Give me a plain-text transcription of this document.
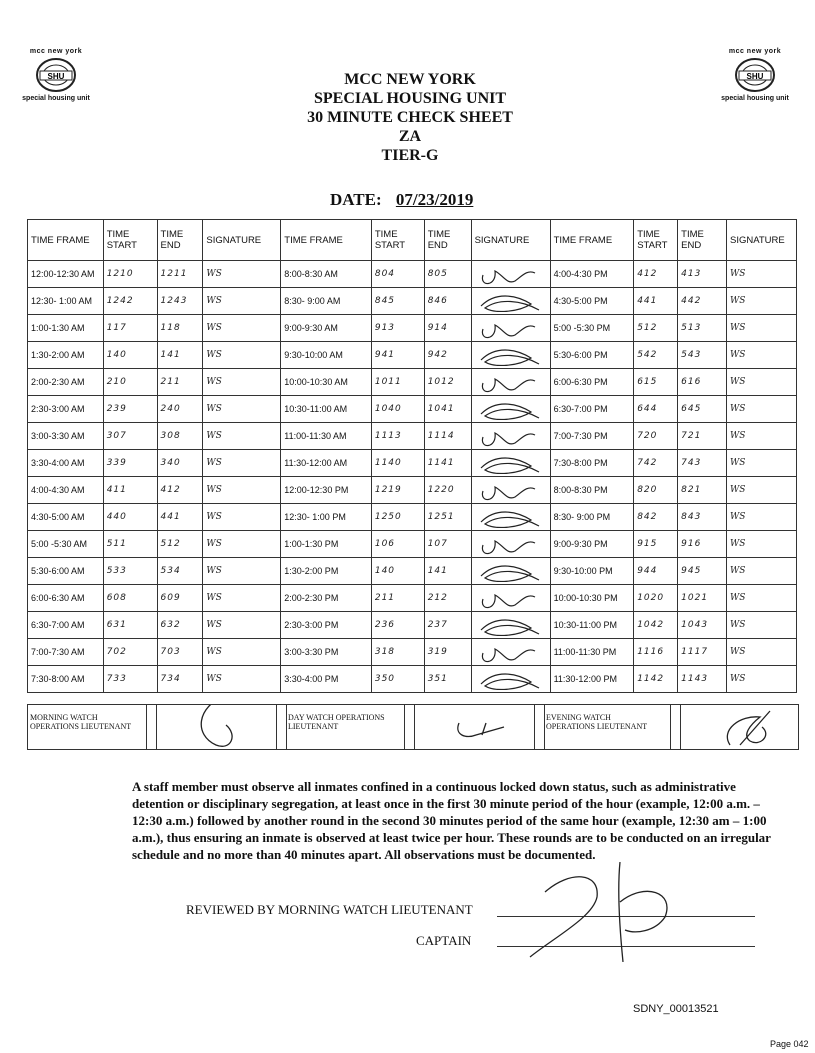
mcc new york
SHU
special housing unit
mcc new york
SHU
special housing unit
MCC NEW YORK
SPECIAL HOUSING UNIT
30 MINUTE CHECK SHEET
ZA
TIER-G
DATE: 07/23/2019
TIME FRAME	TIME START	TIME END	SIGNATURE	TIME FRAME	TIME START	TIME END	SIGNATURE	TIME FRAME	TIME START	TIME END	SIGNATURE
12:00-12:30 AM	1210	1211	WS	8:00-8:30 AM	804	805		4:00-4:30 PM	412	413	WS
12:30- 1:00 AM	1242	1243	WS	8:30- 9:00 AM	845	846		4:30-5:00 PM	441	442	WS
1:00-1:30 AM	117	118	WS	9:00-9:30 AM	913	914		5:00 -5:30 PM	512	513	WS
1:30-2:00 AM	140	141	WS	9:30-10:00 AM	941	942		5:30-6:00 PM	542	543	WS
2:00-2:30 AM	210	211	WS	10:00-10:30 AM	1011	1012		6:00-6:30 PM	615	616	WS
2:30-3:00 AM	239	240	WS	10:30-11:00 AM	1040	1041		6:30-7:00 PM	644	645	WS
3:00-3:30 AM	307	308	WS	11:00-11:30 AM	1113	1114		7:00-7:30 PM	720	721	WS
3:30-4:00 AM	339	340	WS	11:30-12:00 AM	1140	1141		7:30-8:00 PM	742	743	WS
4:00-4:30 AM	411	412	WS	12:00-12:30 PM	1219	1220		8:00-8:30 PM	820	821	WS
4:30-5:00 AM	440	441	WS	12:30- 1:00 PM	1250	1251		8:30- 9:00 PM	842	843	WS
5:00 -5:30 AM	511	512	WS	1:00-1:30 PM	106	107		9:00-9:30 PM	915	916	WS
5:30-6:00 AM	533	534	WS	1:30-2:00 PM	140	141		9:30-10:00 PM	944	945	WS
6:00-6:30 AM	608	609	WS	2:00-2:30 PM	211	212		10:00-10:30 PM	1020	1021	WS
6:30-7:00 AM	631	632	WS	2:30-3:00 PM	236	237		10:30-11:00 PM	1042	1043	WS
7:00-7:30 AM	702	703	WS	3:00-3:30 PM	318	319		11:00-11:30 PM	1116	1117	WS
7:30-8:00 AM	733	734	WS	3:30-4:00 PM	350	351		11:30-12:00 PM	1142	1143	WS
MORNING WATCH OPERATIONS LIEUTENANT
DAY WATCH OPERATIONS LIEUTENANT
EVENING WATCH OPERATIONS LIEUTENANT
A staff member must observe all inmates confined in a continuous locked down status, such as administrative detention or disciplinary segregation, at least once in the first 30 minute period of the hour (example, 12:00 a.m. – 12:30 a.m.) followed by another round in the second 30 minutes period of the same hour (example, 12:30 am – 1:00 a.m.), thus ensuring an inmate is observed at least twice per hour. These rounds are to be conducted on an irregular schedule and no more than 40 minutes apart. All observations must be documented.
REVIEWED BY MORNING WATCH LIEUTENANT
CAPTAIN
SDNY_00013521
Page 042
